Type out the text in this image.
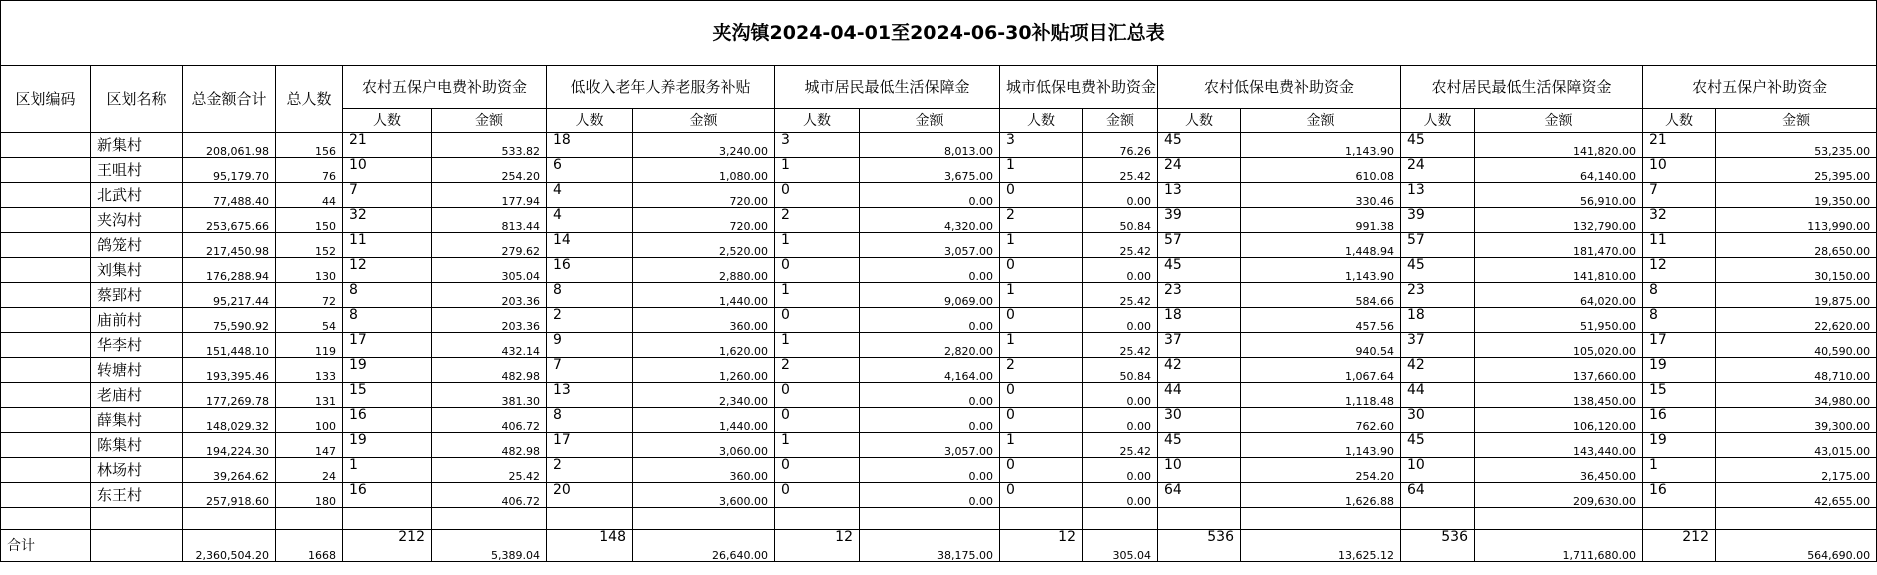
夹沟镇2024-04-01至2024-06-30补贴项目汇总表																	
区划编码	区划名称	总金额合计	总人数	农村五保户电费补助资金		低收入老年人养老服务补贴		城市居民最低生活保障金		城市低保电费补助资金		农村低保电费补助资金		农村居民最低生活保障资金		农村五保户补助资金	
				人数	金额	人数	金额	人数	金额	人数	金额	人数	金额	人数	金额	人数	金额
	新集村	208,061.98	156	21	533.82	18	3,240.00	3	8,013.00	3	76.26	45	1,143.90	45	141,820.00	21	53,235.00
	王咀村	95,179.70	76	10	254.20	6	1,080.00	1	3,675.00	1	25.42	24	610.08	24	64,140.00	10	25,395.00
	北武村	77,488.40	44	7	177.94	4	720.00	0	0.00	0	0.00	13	330.46	13	56,910.00	7	19,350.00
	夹沟村	253,675.66	150	32	813.44	4	720.00	2	4,320.00	2	50.84	39	991.38	39	132,790.00	32	113,990.00
	鸽笼村	217,450.98	152	11	279.62	14	2,520.00	1	3,057.00	1	25.42	57	1,448.94	57	181,470.00	11	28,650.00
	刘集村	176,288.94	130	12	305.04	16	2,880.00	0	0.00	0	0.00	45	1,143.90	45	141,810.00	12	30,150.00
	蔡郢村	95,217.44	72	8	203.36	8	1,440.00	1	9,069.00	1	25.42	23	584.66	23	64,020.00	8	19,875.00
	庙前村	75,590.92	54	8	203.36	2	360.00	0	0.00	0	0.00	18	457.56	18	51,950.00	8	22,620.00
	华李村	151,448.10	119	17	432.14	9	1,620.00	1	2,820.00	1	25.42	37	940.54	37	105,020.00	17	40,590.00
	转塘村	193,395.46	133	19	482.98	7	1,260.00	2	4,164.00	2	50.84	42	1,067.64	42	137,660.00	19	48,710.00
	老庙村	177,269.78	131	15	381.30	13	2,340.00	0	0.00	0	0.00	44	1,118.48	44	138,450.00	15	34,980.00
	薛集村	148,029.32	100	16	406.72	8	1,440.00	0	0.00	0	0.00	30	762.60	30	106,120.00	16	39,300.00
	陈集村	194,224.30	147	19	482.98	17	3,060.00	1	3,057.00	1	25.42	45	1,143.90	45	143,440.00	19	43,015.00
	林场村	39,264.62	24	1	25.42	2	360.00	0	0.00	0	0.00	10	254.20	10	36,450.00	1	2,175.00
	东王村	257,918.60	180	16	406.72	20	3,600.00	0	0.00	0	0.00	64	1,626.88	64	209,630.00	16	42,655.00

合计		2,360,504.20	1668	212	5,389.04	148	26,640.00	12	38,175.00	12	305.04	536	13,625.12	536	1,711,680.00	212	564,690.00
